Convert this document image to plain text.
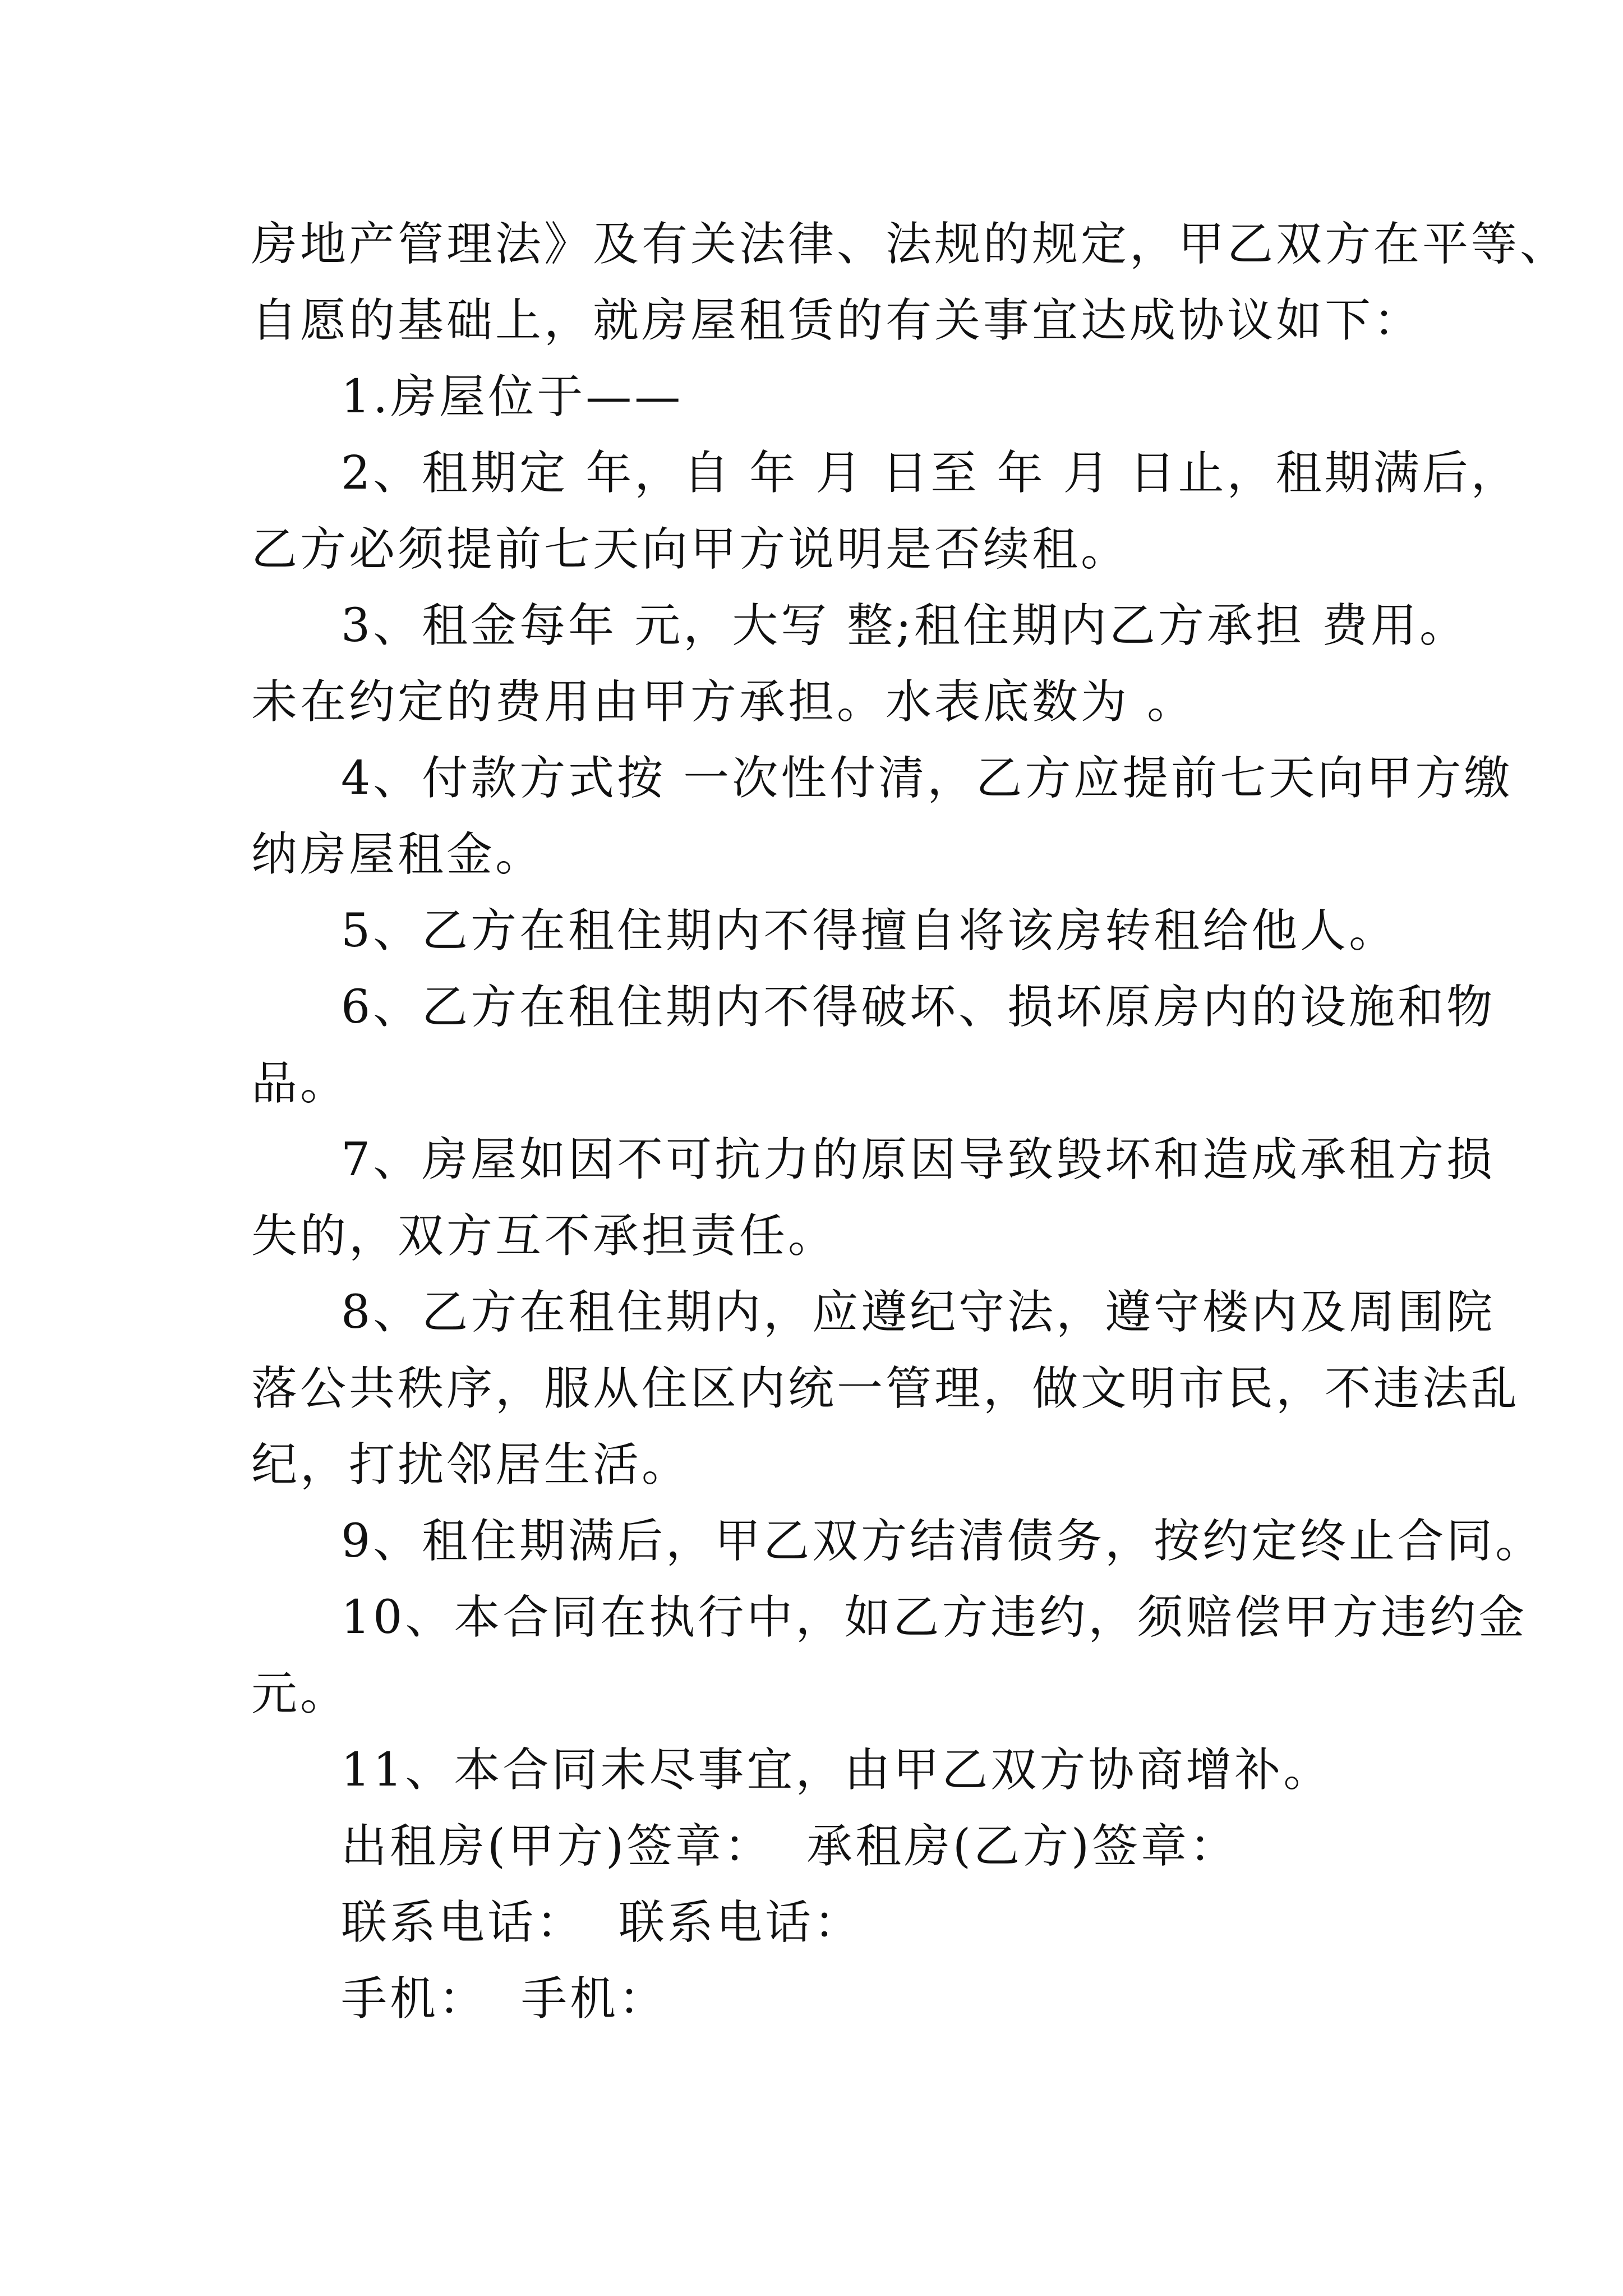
房地产管理法》及有关法律、法规的规定，甲乙双方在平等、
自愿的基础上，就房屋租赁的有关事宜达成协议如下：
1.房屋位于——
2、租期定 年，自 年 月 日至 年 月 日止，租期满后，
乙方必须提前七天向甲方说明是否续租。
3、租金每年 元，大写 整;租住期内乙方承担 费用。
未在约定的费用由甲方承担。水表底数为 。
4、付款方式按 一次性付清，乙方应提前七天向甲方缴
纳房屋租金。
5、乙方在租住期内不得擅自将该房转租给他人。
6、乙方在租住期内不得破坏、损坏原房内的设施和物
品。
7、房屋如因不可抗力的原因导致毁坏和造成承租方损
失的，双方互不承担责任。
8、乙方在租住期内，应遵纪守法，遵守楼内及周围院
落公共秩序，服从住区内统一管理，做文明市民，不违法乱
纪，打扰邻居生活。
9、租住期满后，甲乙双方结清债务，按约定终止合同。
10、本合同在执行中，如乙方违约，须赔偿甲方违约金
元。
11、本合同未尽事宜，由甲乙双方协商增补。
出租房(甲方)签章： 承租房(乙方)签章：
联系电话： 联系电话：
手机： 手机：
